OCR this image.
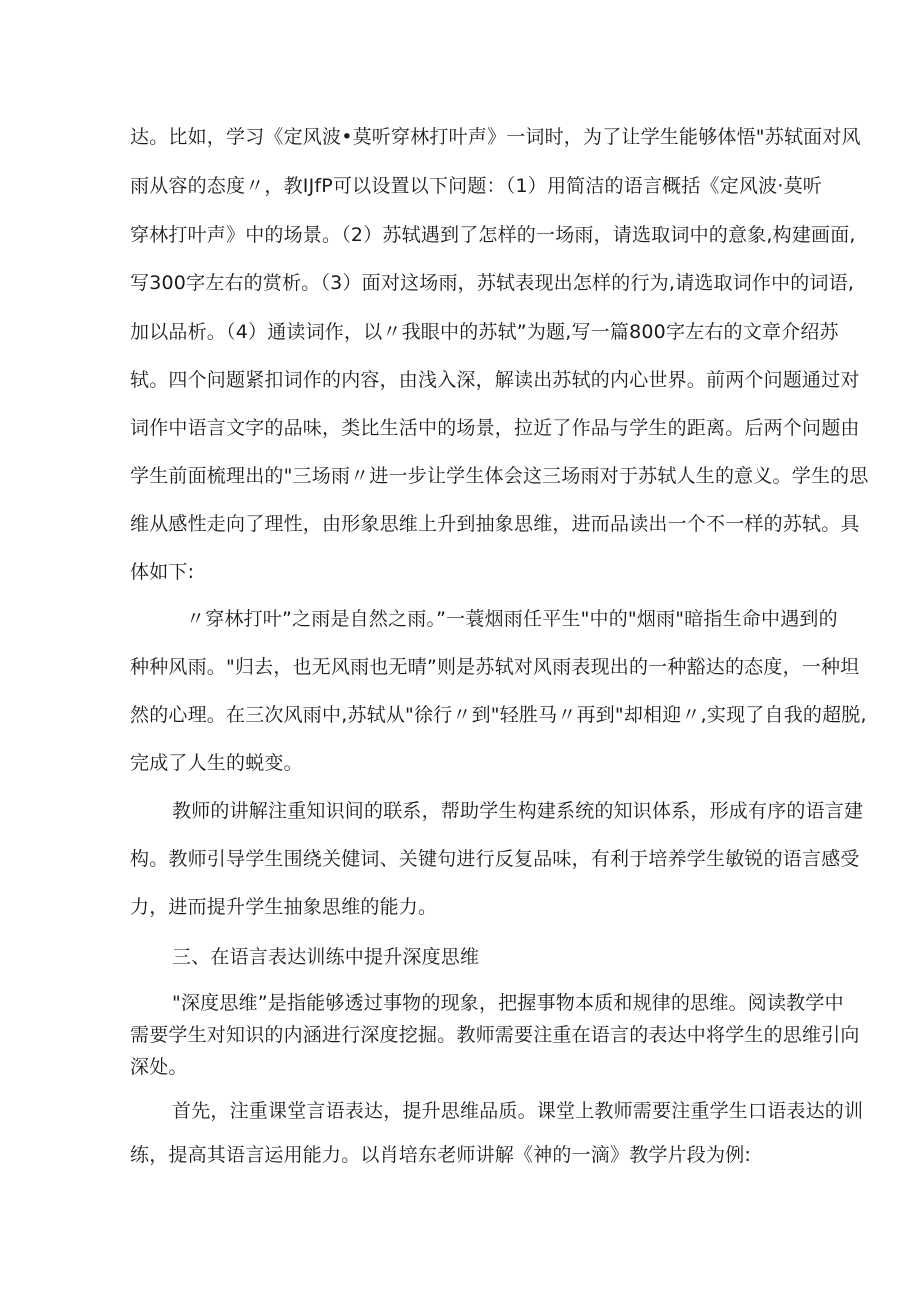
达。比如，学习《定风波•莫听穿林打叶声》一词时，为了让学生能够体悟"苏轼面对风
雨从容的态度〃，教IJfP可以设置以下问题：（1）用简洁的语言概括《定风波·莫听
穿林打叶声》中的场景。（2）苏轼遇到了怎样的一场雨，请选取词中的意象,构建画面,
写300字左右的赏析。（3）面对这场雨，苏轼表现出怎样的行为,请选取词作中的词语,
加以品析。（4）通读词作，以〃我眼中的苏轼”为题,写一篇800字左右的文章介绍苏
轼。四个问题紧扣词作的内容，由浅入深，解读出苏轼的内心世界。前两个问题通过对
词作中语言文字的品味，类比生活中的场景，拉近了作品与学生的距离。后两个问题由
学生前面梳理出的"三场雨〃进一步让学生体会这三场雨对于苏轼人生的意义。学生的思
维从感性走向了理性，由形象思维上升到抽象思维，进而品读出一个不一样的苏轼。具
体如下:
〃穿林打叶”之雨是自然之雨。”一蓑烟雨任平生"中的"烟雨"暗指生命中遇到的
种种风雨。"归去，也无风雨也无晴”则是苏轼对风雨表现出的一种豁达的态度，一种坦
然的心理。在三次风雨中,苏轼从"徐行〃到"轻胜马〃再到"却相迎〃,实现了自我的超脱,
完成了人生的蜕变。
教师的讲解注重知识间的联系，帮助学生构建系统的知识体系，形成有序的语言建
构。教师引导学生围绕关健词、关键句进行反复品味，有利于培养学生敏锐的语言感受
力，进而提升学生抽象思维的能力。
三、在语言表达训练中提升深度思维
"深度思维”是指能够透过事物的现象，把握事物本质和规律的思维。阅读教学中
需要学生对知识的内涵进行深度挖掘。教师需要注重在语言的表达中将学生的思维引向
深处。
首先，注重课堂言语表达，提升思维品质。课堂上教师需要注重学生口语表达的训
练，提高其语言运用能力。以肖培东老师讲解《神的一滴》教学片段为例:
